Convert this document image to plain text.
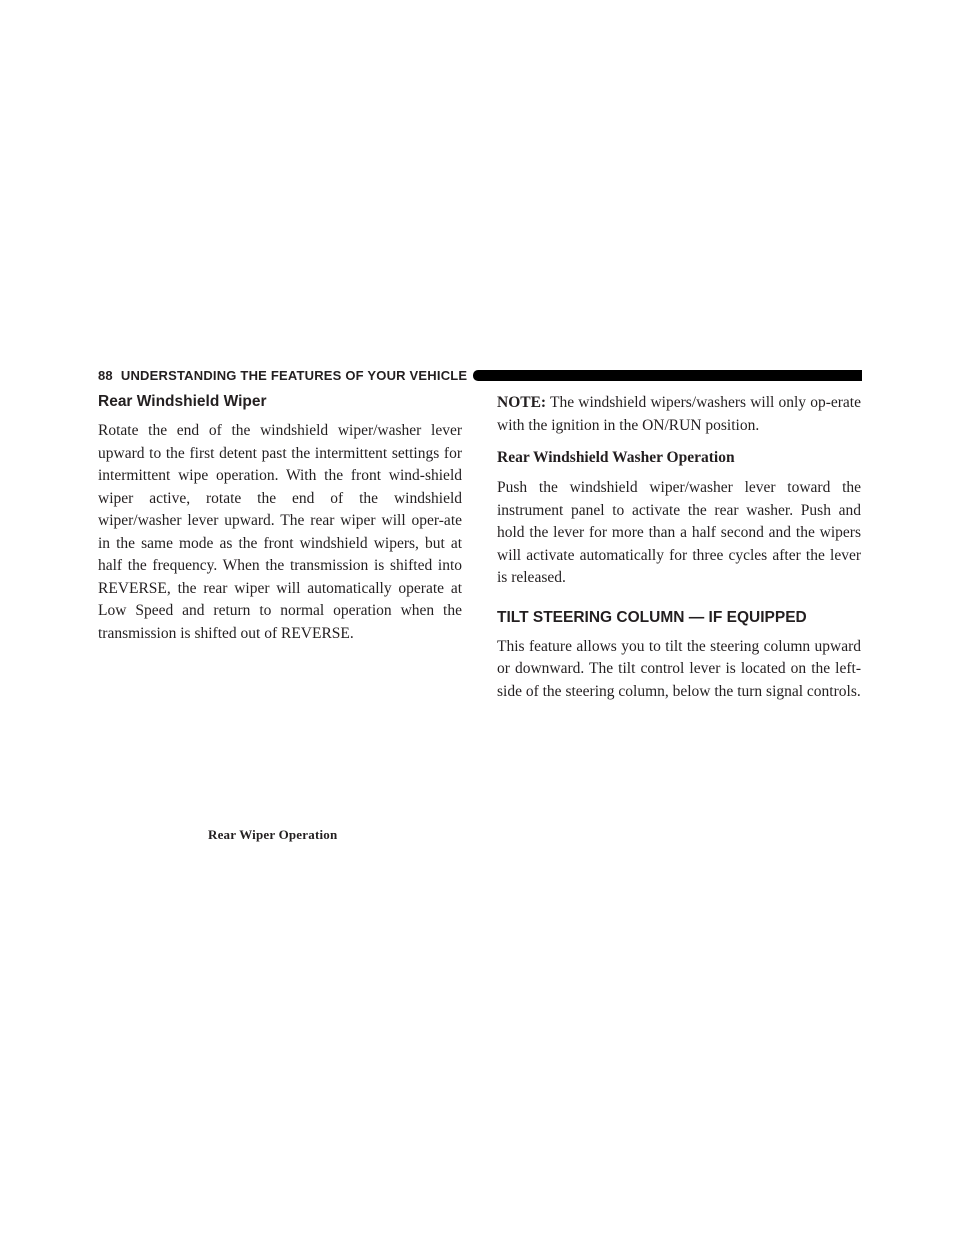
88 UNDERSTANDING THE FEATURES OF YOUR VEHICLE
Rear Windshield Wiper

Rotate the end of the windshield wiper/washer lever upward to the first detent past the intermittent settings for intermittent wipe operation. With the front wind-shield wiper active, rotate the end of the windshield wiper/washer lever upward. The rear wiper will oper-ate in the same mode as the front windshield wipers, but at half the frequency. When the transmission is shifted into REVERSE, the rear wiper will automatically operate at Low Speed and return to normal operation when the transmission is shifted out of REVERSE.

Rear Wiper Operation

NOTE: The windshield wipers/washers will only op-erate with the ignition in the ON/RUN position.

Rear Windshield Washer Operation

Push the windshield wiper/washer lever toward the instrument panel to activate the rear washer. Push and hold the lever for more than a half second and the wipers will activate automatically for three cycles after the lever is released.

TILT STEERING COLUMN — IF EQUIPPED

This feature allows you to tilt the steering column upward or downward. The tilt control lever is located on the left-side of the steering column, below the turn signal controls.
